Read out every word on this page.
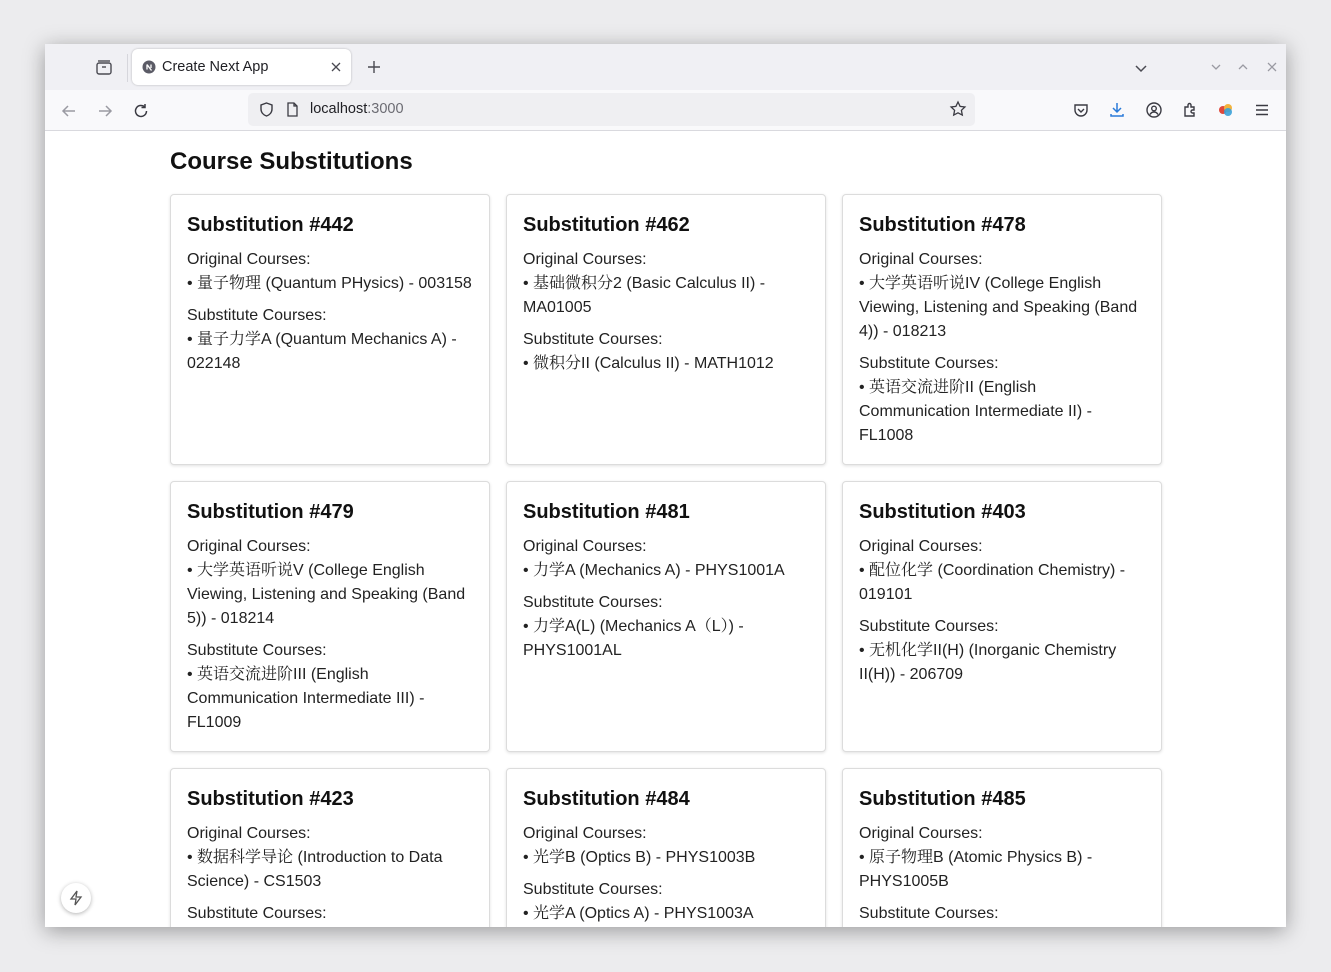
Create Next App
localhost:3000
Course Substitutions
Substitution #442

Original Courses:

• 量子物理 (Quantum PHysics) - 003158

Substitute Courses:

• 量子力学A (Quantum Mechanics A) - 022148

Substitution #462

Original Courses:

• 基础微积分2 (Basic Calculus II) - MA01005

Substitute Courses:

• 微积分II (Calculus II) - MATH1012

Substitution #478

Original Courses:

• 大学英语听说IV (College English Viewing, Listening and Speaking (Band 4)) - 018213

Substitute Courses:

• 英语交流进阶II (English Communication Intermediate II) - FL1008

Substitution #479

Original Courses:

• 大学英语听说V (College English Viewing, Listening and Speaking (Band 5)) - 018214

Substitute Courses:

• 英语交流进阶III (English Communication Intermediate III) - FL1009

Substitution #481

Original Courses:

• 力学A (Mechanics A) - PHYS1001A

Substitute Courses:

• 力学A(L) (Mechanics A（L）) - PHYS1001AL

Substitution #403

Original Courses:

• 配位化学 (Coordination Chemistry) - 019101

Substitute Courses:

• 无机化学II(H) (Inorganic Chemistry II(H)) - 206709

Substitution #423

Original Courses:

• 数据科学导论 (Introduction to Data Science) - CS1503

Substitute Courses:

Substitution #484

Original Courses:

• 光学B (Optics B) - PHYS1003B

Substitute Courses:

• 光学A (Optics A) - PHYS1003A

Substitution #485

Original Courses:

• 原子物理B (Atomic Physics B) - PHYS1005B

Substitute Courses:
